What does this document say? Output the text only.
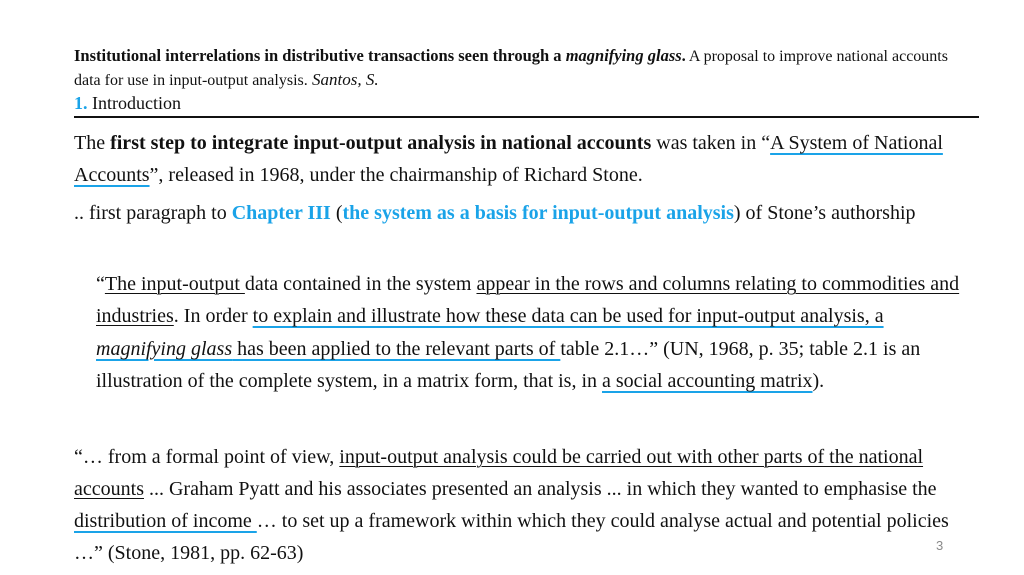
Institutional interrelations in distributive transactions seen through a magnifying glass. A proposal to improve national accounts data for use in input-output analysis. Santos, S.
1. Introduction
The first step to integrate input-output analysis in national accounts was taken in “A System of National Accounts”, released in 1968, under the chairmanship of Richard Stone.
.. first paragraph to Chapter III (the system as a basis for input-output analysis) of Stone’s authorship
“The input-output data contained in the system appear in the rows and columns relating to commodities and industries. In order to explain and illustrate how these data can be used for input-output analysis, a magnifying glass has been applied to the relevant parts of table 2.1…” (UN, 1968, p. 35; table 2.1 is an illustration of the complete system, in a matrix form, that is, in a social accounting matrix).
“… from a formal point of view, input-output analysis could be carried out with other parts of the national accounts ... Graham Pyatt and his associates presented an analysis ... in which they wanted to emphasise the distribution of income … to set up a framework within which they could analyse actual and potential policies …” (Stone, 1981, pp. 62-63)	3
